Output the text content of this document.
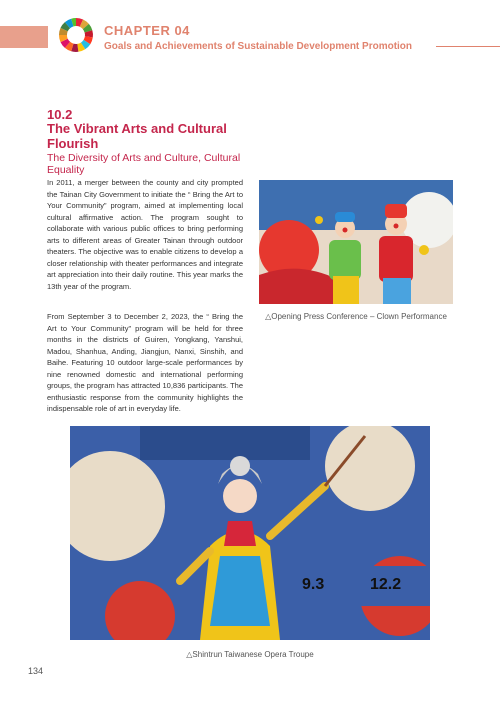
CHAPTER 04
Goals and Achievements of Sustainable Development Promotion
10.2
The Vibrant Arts and Cultural Flourish
The Diversity of Arts and Culture, Cultural Equality
In 2011, a merger between the county and city prompted the Tainan City Government to initiate the “ Bring the Art to Your Community” program, aimed at implementing local cultural affirmative action. The program sought to collaborate with various public offices to bring performing arts to different areas of Greater Tainan through outdoor theaters. The objective was to enable citizens to develop a closer relationship with theater performances and integrate art appreciation into their daily routine. This year marks the 13th year of the program.
From September 3 to December 2, 2023, the “ Bring the Art to Your Community” program will be held for three months in the districts of Guiren, Yongkang, Yanshui, Madou, Shanhua, Anding, Jiangjun, Nanxi, Sinshih, and Baihe. Featuring 10 outdoor large-scale performances by nine renowned domestic and international performing groups, the program has attracted 10,836 participants. The enthusiastic response from the community highlights the indispensable role of art in everyday life.
△Opening Press Conference – Clown Performance
9.3	12.2
△Shintrun Taiwanese Opera Troupe
134
